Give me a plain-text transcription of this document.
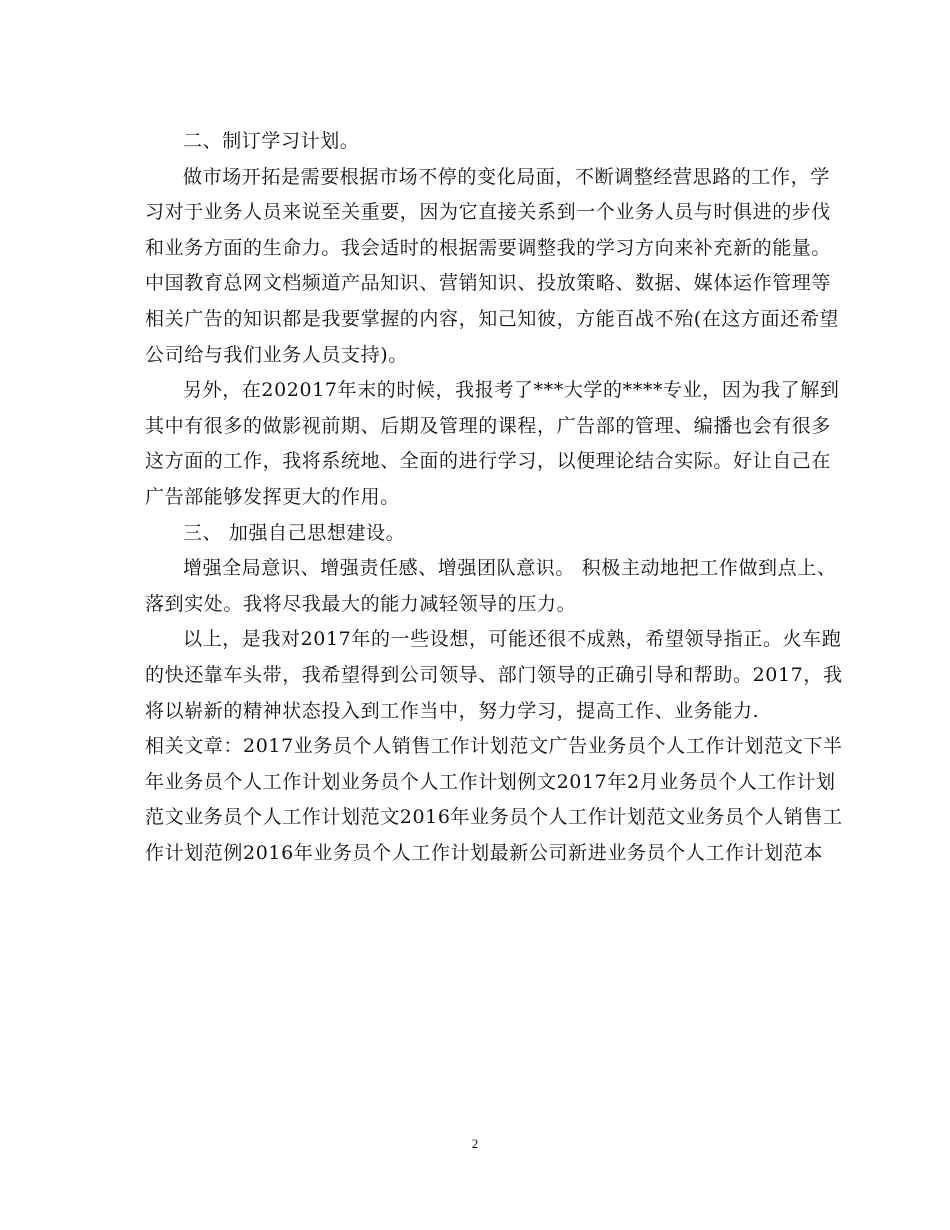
二、制订学习计划。
做市场开拓是需要根据市场不停的变化局面，不断调整经营思路的工作，学
习对于业务人员来说至关重要，因为它直接关系到一个业务人员与时俱进的步伐
和业务方面的生命力。我会适时的根据需要调整我的学习方向来补充新的能量。
中国教育总网文档频道产品知识、营销知识、投放策略、数据、媒体运作管理等
相关广告的知识都是我要掌握的内容，知己知彼，方能百战不殆(在这方面还希望
公司给与我们业务人员支持)。
另外，在202017年末的时候，我报考了***大学的****专业，因为我了解到
其中有很多的做影视前期、后期及管理的课程，广告部的管理、编播也会有很多
这方面的工作，我将系统地、全面的进行学习，以便理论结合实际。好让自己在
广告部能够发挥更大的作用。
三、 加强自己思想建设。
增强全局意识、增强责任感、增强团队意识。 积极主动地把工作做到点上、
落到实处。我将尽我最大的能力减轻领导的压力。
以上，是我对2017年的一些设想，可能还很不成熟，希望领导指正。火车跑
的快还靠车头带，我希望得到公司领导、部门领导的正确引导和帮助。2017，我
将以崭新的精神状态投入到工作当中，努力学习，提高工作、业务能力.
相关文章：2017业务员个人销售工作计划范文广告业务员个人工作计划范文下半
年业务员个人工作计划业务员个人工作计划例文2017年2月业务员个人工作计划
范文业务员个人工作计划范文2016年业务员个人工作计划范文业务员个人销售工
作计划范例2016年业务员个人工作计划最新公司新进业务员个人工作计划范本
2
